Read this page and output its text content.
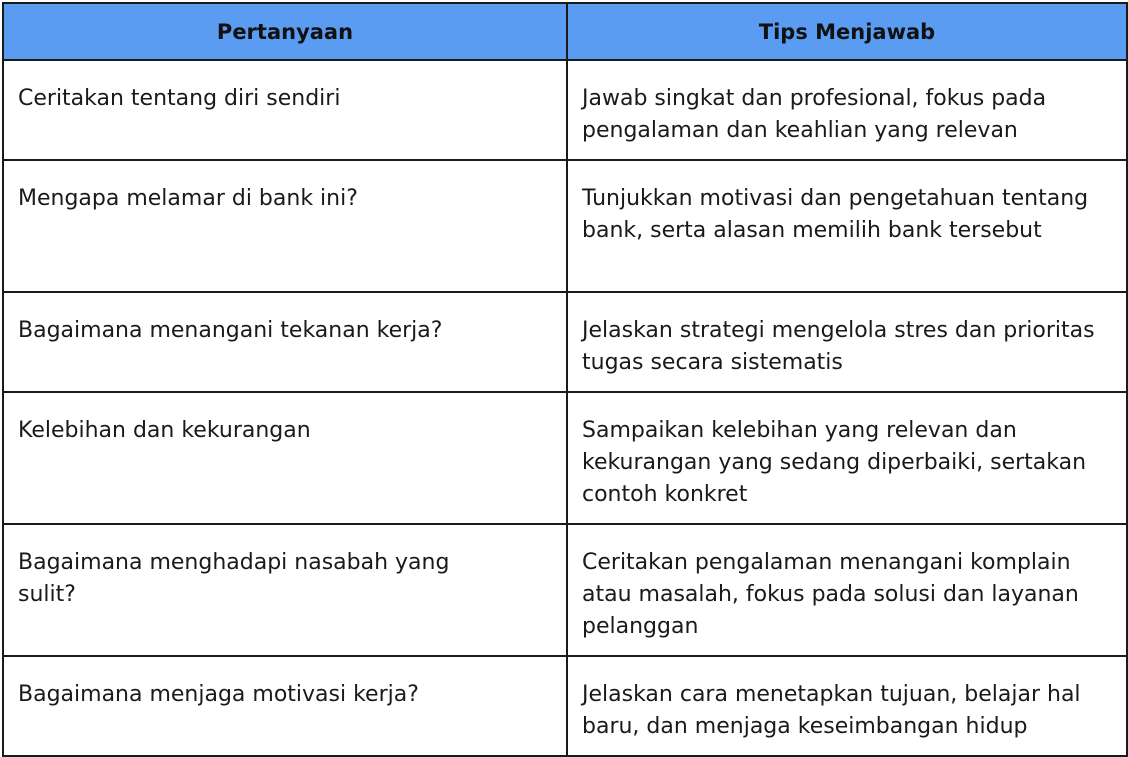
Pertanyaan	Tips Menjawab
Ceritakan tentang diri sendiri	Jawab singkat dan profesional, fokus pada pengalaman dan keahlian yang relevan
Mengapa melamar di bank ini?	Tunjukkan motivasi dan pengetahuan tentang bank, serta alasan memilih bank tersebut
Bagaimana menangani tekanan kerja?	Jelaskan strategi mengelola stres dan prioritas tugas secara sistematis
Kelebihan dan kekurangan	Sampaikan kelebihan yang relevan dan kekurangan yang sedang diperbaiki, sertakan contoh konkret
Bagaimana menghadapi nasabah yang sulit?	Ceritakan pengalaman menangani komplain atau masalah, fokus pada solusi dan layanan pelanggan
Bagaimana menjaga motivasi kerja?	Jelaskan cara menetapkan tujuan, belajar hal baru, dan menjaga keseimbangan hidup
